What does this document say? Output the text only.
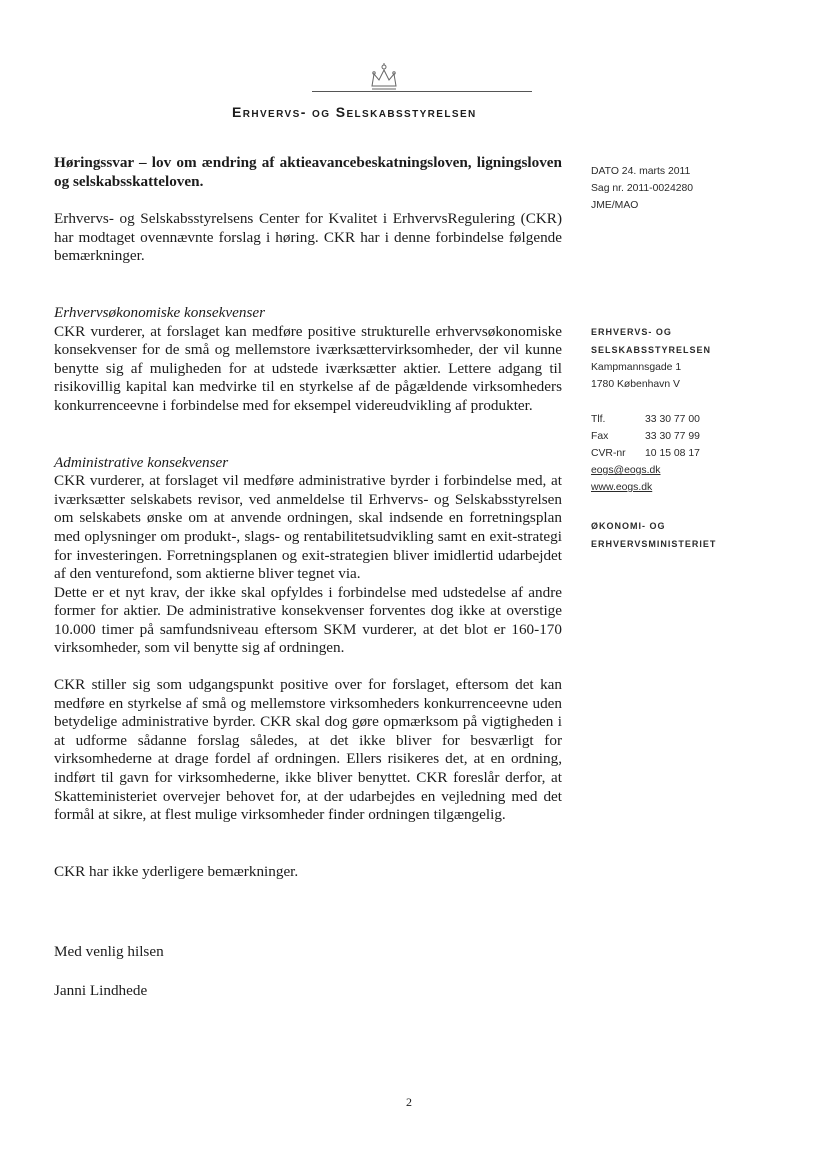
Erhvervs- og Selskabsstyrelsen

Høringssvar – lov om ændring af aktieavancebeskatningsloven, ligningsloven og selskabsskatteloven.

Erhvervs- og Selskabsstyrelsens Center for Kvalitet i ErhvervsRegulering (CKR) har modtaget ovennævnte forslag i høring. CKR har i denne forbindelse følgende bemærkninger.

Erhvervsøkonomiske konsekvenser

CKR vurderer, at forslaget kan medføre positive strukturelle erhvervsøkonomiske konsekvenser for de små og mellemstore iværksættervirksomheder, der vil kunne benytte sig af muligheden for at udstede iværksætter aktier. Lettere adgang til risikovillig kapital kan medvirke til en styrkelse af de pågældende virksomheders konkurrenceevne i forbindelse med for eksempel videreudvikling af produkter.

Administrative konsekvenser

CKR vurderer, at forslaget vil medføre administrative byrder i forbindelse med, at iværksætter selskabets revisor, ved anmeldelse til Erhvervs- og Selskabsstyrelsen om selskabets ønske om at anvende ordningen, skal indsende en forretningsplan med oplysninger om produkt-, slags- og rentabilitetsudvikling samt en exit-strategi for investeringen. Forretningsplanen og exit-strategien bliver imidlertid udarbejdet af den venturefond, som aktierne bliver tegnet via.

Dette er et nyt krav, der ikke skal opfyldes i forbindelse med udstedelse af andre former for aktier. De administrative konsekvenser forventes dog ikke at overstige 10.000 timer på samfundsniveau eftersom SKM vurderer, at det blot er 160-170 virksomheder, som vil benytte sig af ordningen.

CKR stiller sig som udgangspunkt positive over for forslaget, eftersom det kan medføre en styrkelse af små og mellemstore virksomheders konkurrenceevne uden betydelige administrative byrder. CKR skal dog gøre opmærksom på vigtigheden i at udforme sådanne forslag således, at det ikke bliver for besværligt for virksomhederne at drage fordel af ordningen. Ellers risikeres det, at en ordning, indført til gavn for virksomhederne, ikke bliver benyttet. CKR foreslår derfor, at Skatteministeriet overvejer behovet for, at der udarbejdes en vejledning med det formål at sikre, at flest mulige virksomheder finder ordningen tilgængelig.

CKR har ikke yderligere bemærkninger.

Med venlig hilsen

Janni Lindhede

DATO 24. marts 2011
Sag nr. 2011-0024280
JME/MAO
ERHVERVS- OG
SELSKABSSTYRELSEN
Kampmannsgade 1
1780 København V
Tlf.	33 30 77 00
Fax	33 30 77 99
CVR-nr	10 15 08 17
eogs@eogs.dk
www.eogs.dk
ØKONOMI- OG
ERHVERVSMINISTERIET
2
